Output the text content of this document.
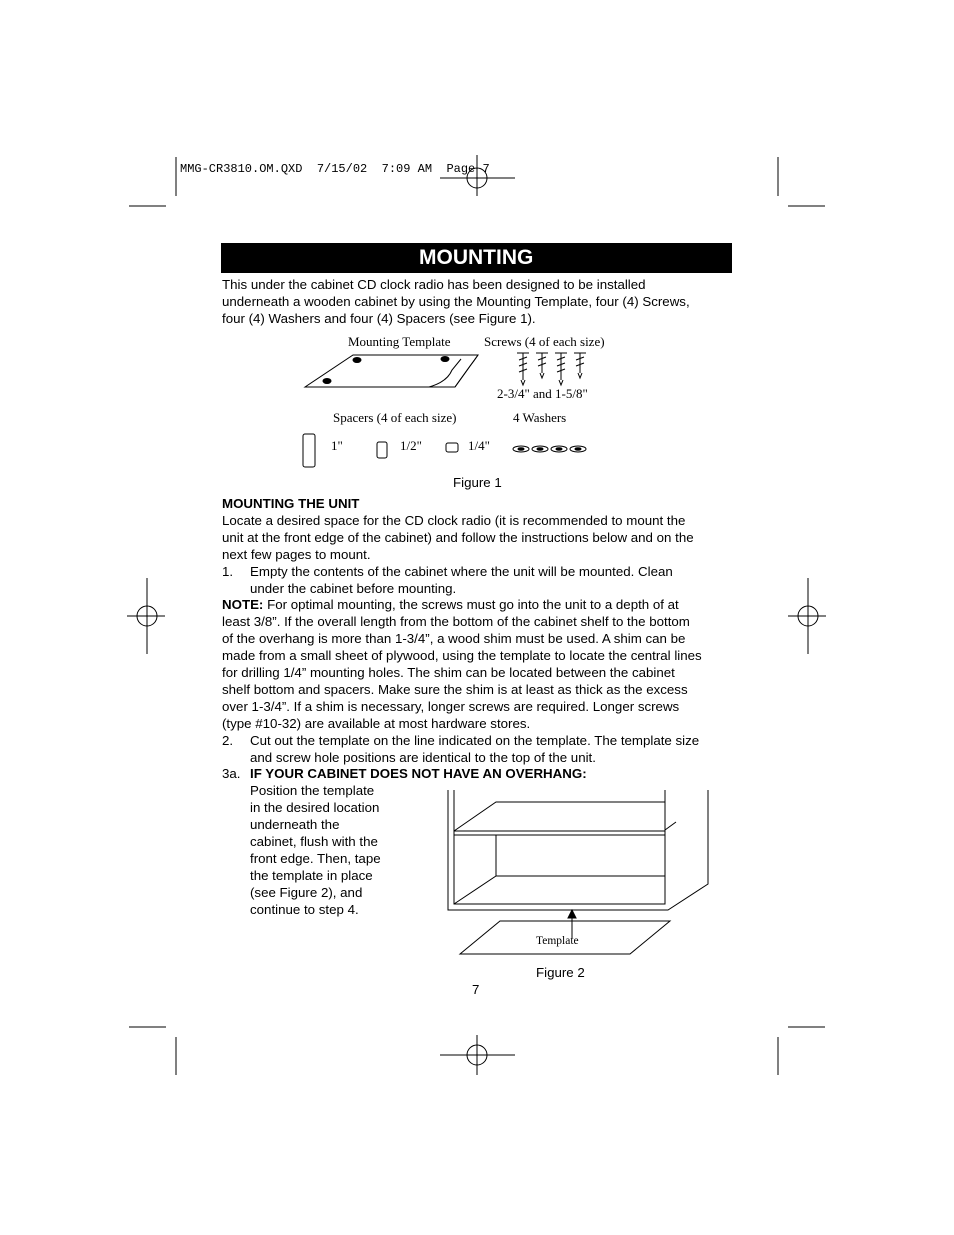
MMG-CR3810.OM.QXD  7/15/02  7:09 AM  Page 7
MOUNTING
This under the cabinet CD clock radio has been designed to be installed
underneath a wooden cabinet by using the Mounting Template, four (4) Screws,
four (4) Washers and four (4) Spacers (see Figure 1).
Mounting Template	Screws (4 of each size)
2-3/4" and 1-5/8"
Spacers (4 of each size)	4 Washers
1"	1/2"	1/4"
Figure 1
MOUNTING THE UNIT
Locate a desired space for the CD clock radio (it is recommended to mount the
unit at the front edge of the cabinet) and follow the instructions below and on the
next few pages to mount.
1. Empty the contents of the cabinet where the unit will be mounted. Clean
under the cabinet before mounting.
NOTE: For optimal mounting, the screws must go into the unit to a depth of at
least 3/8”. If the overall length from the bottom of the cabinet shelf to the bottom
of the overhang is more than 1-3/4”, a wood shim must be used. A shim can be
made from a small sheet of plywood, using the template to locate the central lines
for drilling 1/4” mounting holes. The shim can be located between the cabinet
shelf bottom and spacers. Make sure the shim is at least as thick as the excess
over 1-3/4”. If a shim is necessary, longer screws are required. Longer screws
(type #10-32) are available at most hardware stores.
2. Cut out the template on the line indicated on the template. The template size
and screw hole positions are identical to the top of the unit.
3a. IF YOUR CABINET DOES NOT HAVE AN OVERHANG:
Position the template
in the desired location
underneath the
cabinet, flush with the
front edge. Then, tape
the template in place
(see Figure 2), and
continue to step 4.
Template
Figure 2
7
